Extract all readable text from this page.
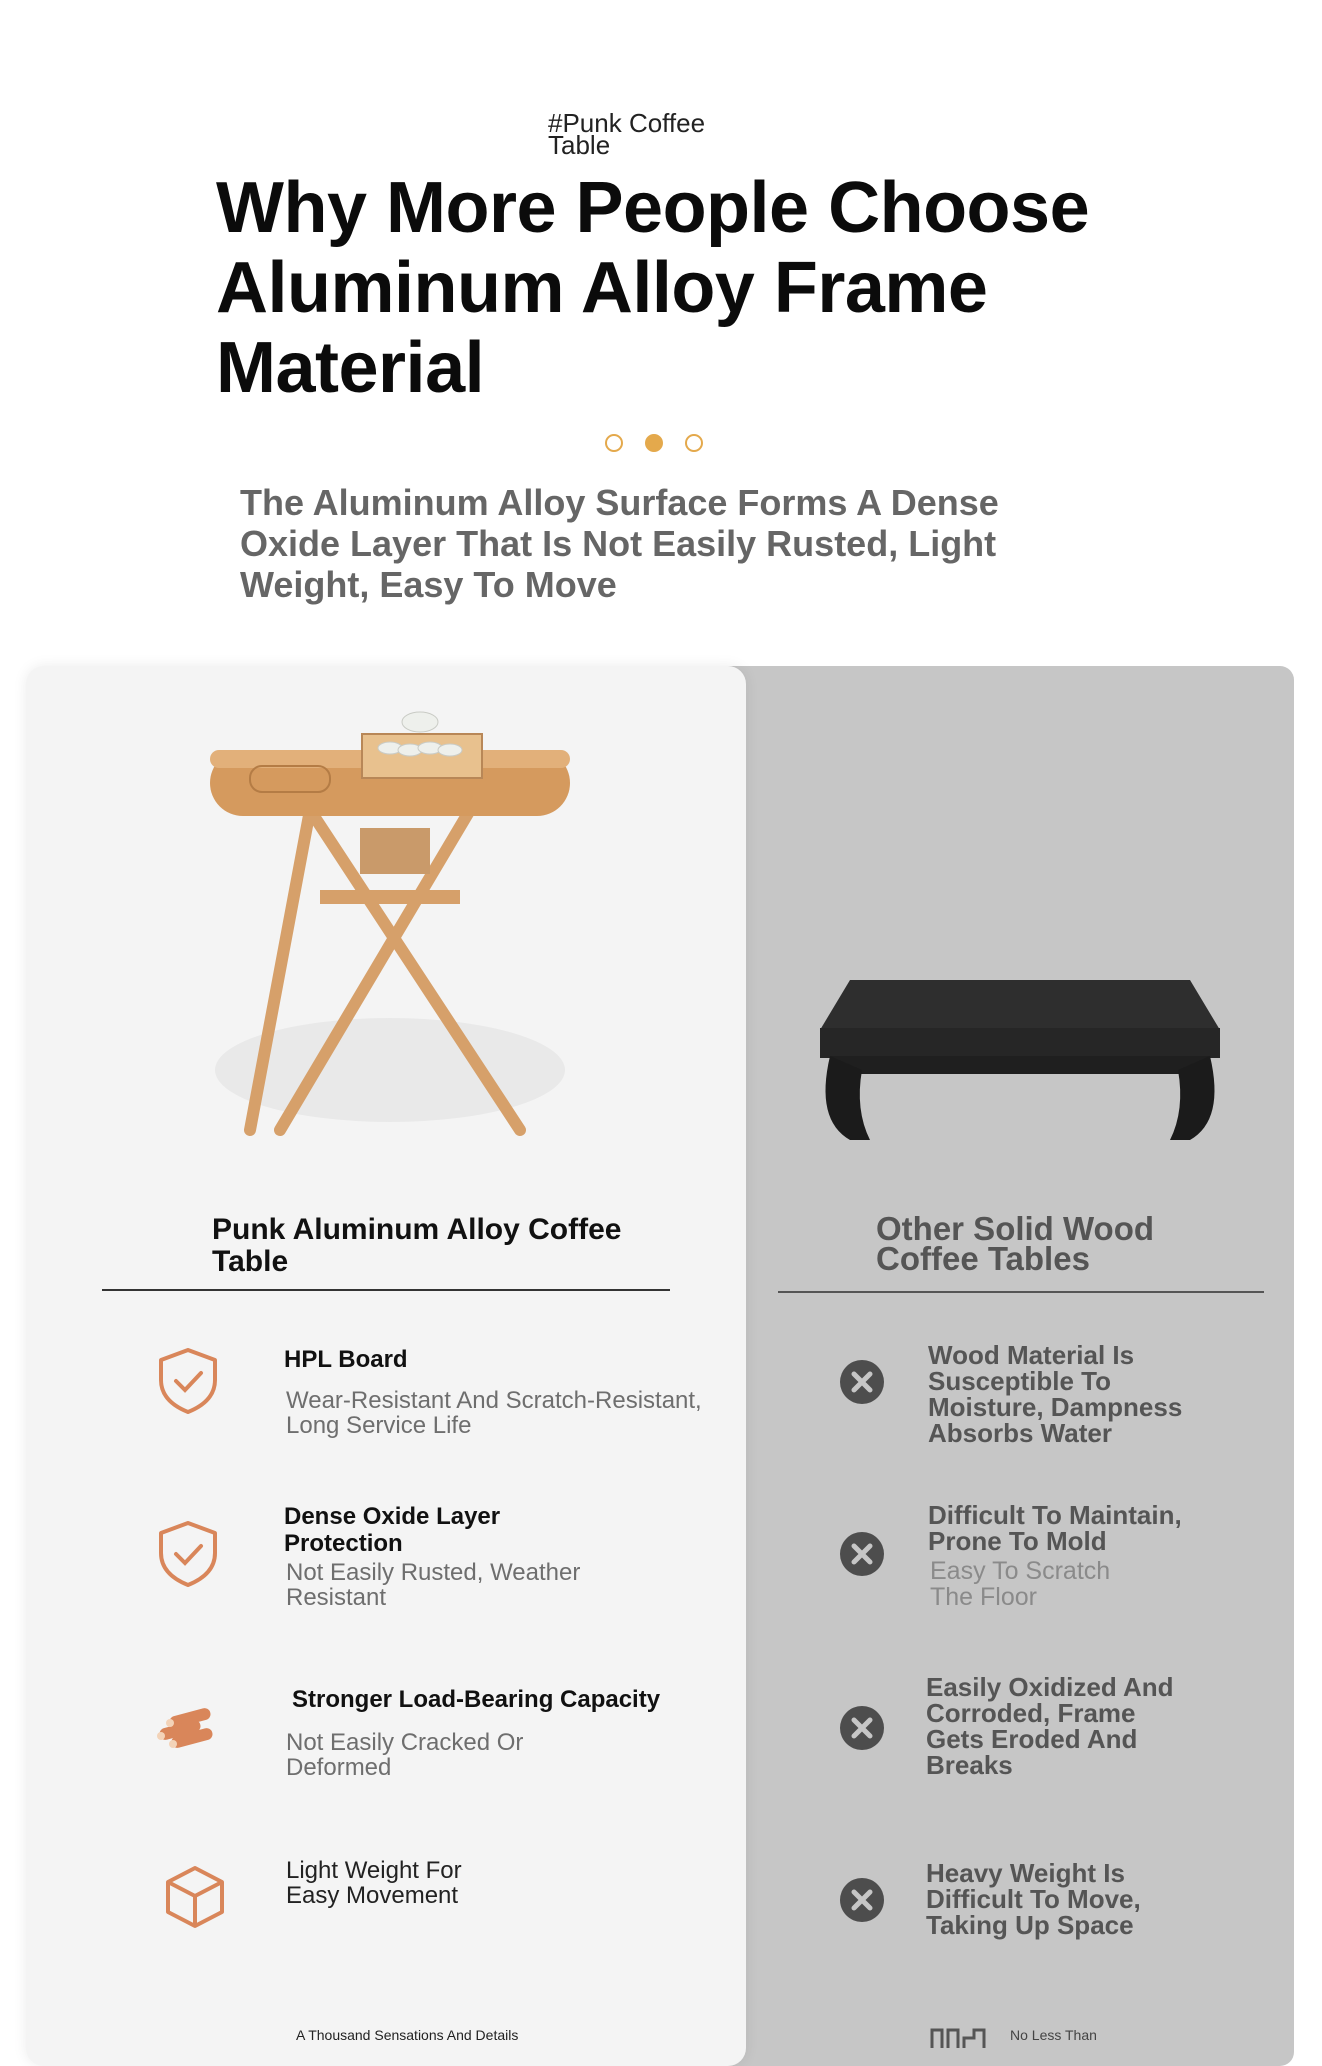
#Punk Coffee Table
Why More People Choose Aluminum Alloy Frame Material
The Aluminum Alloy Surface Forms A Dense Oxide Layer That Is Not Easily Rusted, Light Weight, Easy To Move
Punk Aluminum Alloy Coffee Table
Other Solid Wood Coffee Tables
HPL Board
Wear-Resistant And Scratch-Resistant, Long Service Life
Dense Oxide Layer Protection
Not Easily Rusted, Weather Resistant
Stronger Load-Bearing Capacity
Not Easily Cracked Or Deformed
Light Weight For Easy Movement
A Thousand Sensations And Details
Wood Material Is Susceptible To Moisture, Dampness Absorbs Water
Difficult To Maintain, Prone To Mold
Easy To Scratch The Floor
Easily Oxidized And Corroded, Frame Gets Eroded And Breaks
Heavy Weight Is Difficult To Move, Taking Up Space
No Less Than
